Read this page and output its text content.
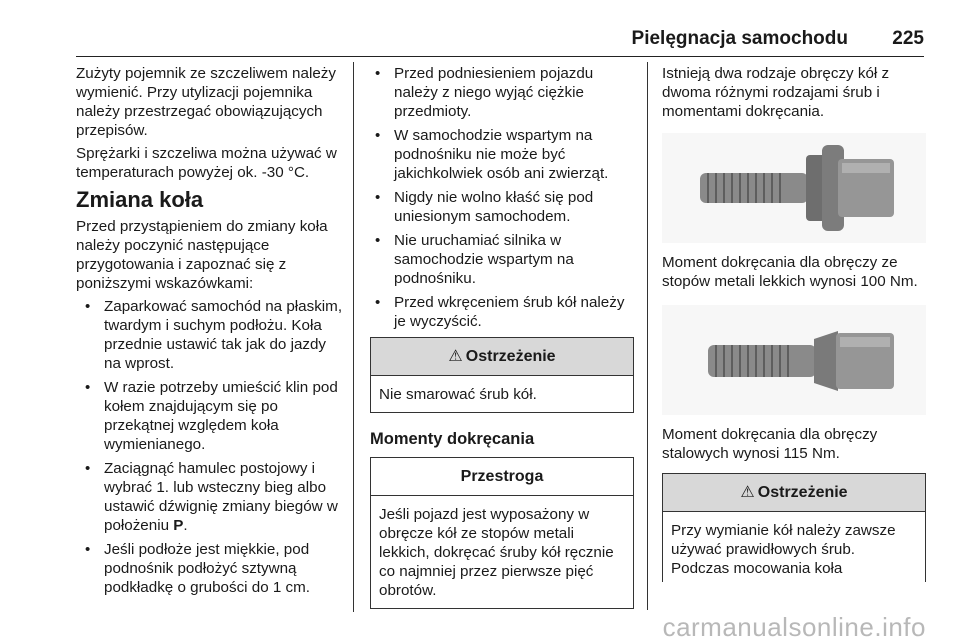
Pielęgnacja samochodu 225

Zużyty pojemnik ze szczeliwem należy wymienić. Przy utylizacji pojemnika należy przestrzegać obowiązujących przepisów.

Sprężarki i szczeliwa można używać w temperaturach powyżej ok. -30 °C.

Zmiana koła

Przed przystąpieniem do zmiany koła należy poczynić następujące przygotowania i zapoznać się z poniższymi wskazówkami:

• Zaparkować samochód na płaskim, twardym i suchym podłożu. Koła przednie ustawić tak jak do jazdy na wprost.
• W razie potrzeby umieścić klin pod kołem znajdującym się po przekątnej względem koła wymienianego.
• Zaciągnąć hamulec postojowy i wybrać 1. lub wsteczny bieg albo ustawić dźwignię zmiany biegów w położeniu P.
• Jeśli podłoże jest miękkie, pod podnośnik podłożyć sztywną podkładkę o grubości do 1 cm.
• Przed podniesieniem pojazdu należy z niego wyjąć ciężkie przedmioty.
• W samochodzie wspartym na podnośniku nie może być jakichkolwiek osób ani zwierząt.
• Nigdy nie wolno kłaść się pod uniesionym samochodem.
• Nie uruchamiać silnika w samochodzie wspartym na podnośniku.
• Przed wkręceniem śrub kół należy je wyczyścić.
⚠ Ostrzeżenie
Nie smarować śrub kół.
Momenty dokręcania
Przestroga
Jeśli pojazd jest wyposażony w obręcze kół ze stopów metali lekkich, dokręcać śruby kół ręcznie co najmniej przez pierwsze pięć obrotów.

Istnieją dwa rodzaje obręczy kół z dwoma różnymi rodzajami śrub i momentami dokręcania.

Moment dokręcania dla obręczy ze stopów metali lekkich wynosi 100 Nm.

Moment dokręcania dla obręczy stalowych wynosi 115 Nm.

⚠ Ostrzeżenie
Przy wymianie kół należy zawsze używać prawidłowych śrub. Podczas mocowania koła
carmanualsonline.info
